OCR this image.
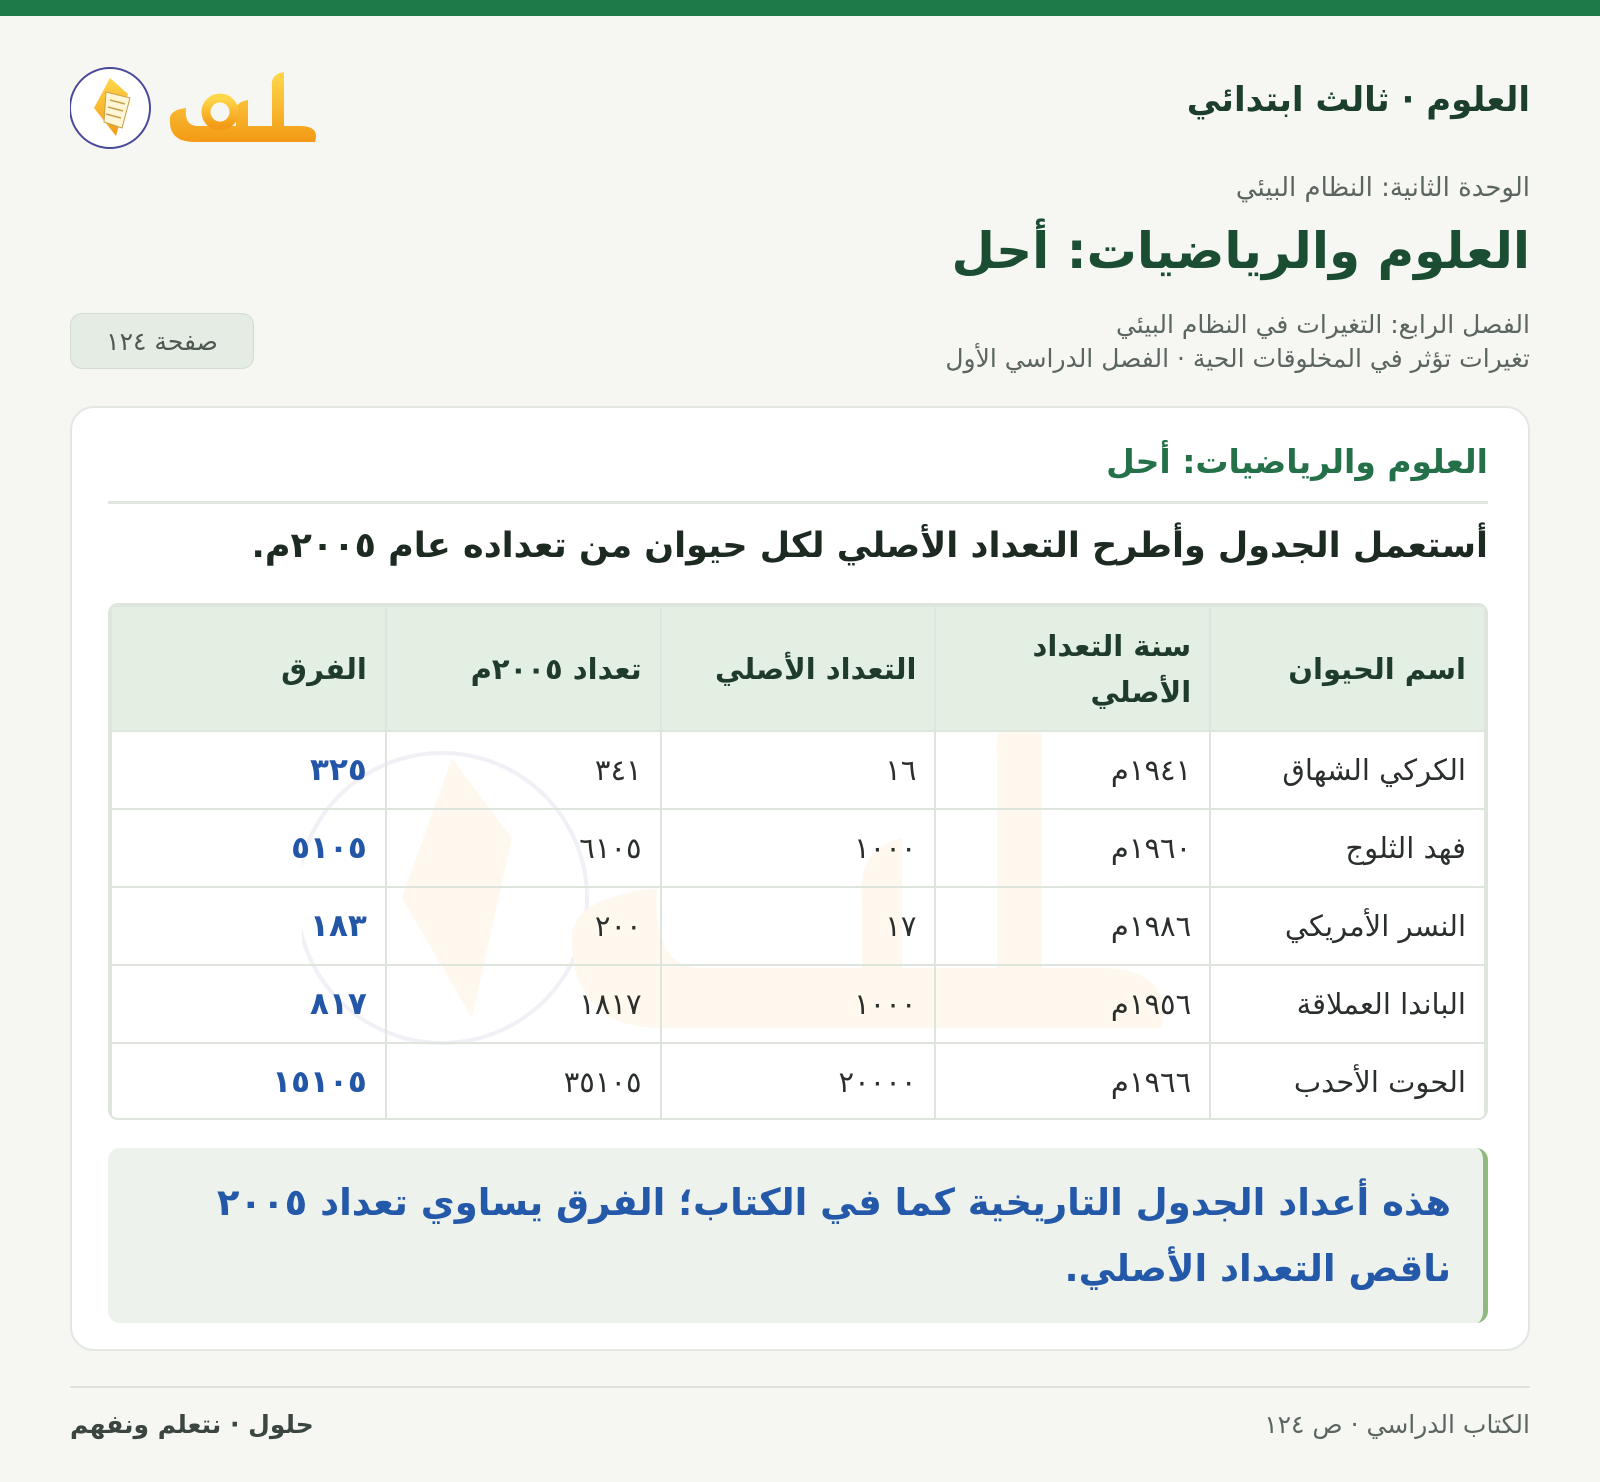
العلوم · ثالث ابتدائي
الوحدة الثانية: النظام البيئي
العلوم والرياضيات: أحل
الفصل الرابع: التغيرات في النظام البيئي
تغيرات تؤثر في المخلوقات الحية · الفصل الدراسي الأول
صفحة ١٢٤
العلوم والرياضيات: أحل
أستعمل الجدول وأطرح التعداد الأصلي لكل حيوان من تعداده عام ٢٠٠٥م.
اسم الحيوان	سنة التعداد الأصلي	التعداد الأصلي	تعداد ٢٠٠٥م	الفرق
الكركي الشهاق	١٩٤١م	١٦	٣٤١	٣٢٥
فهد الثلوج	١٩٦٠م	١٠٠٠	٦١٠٥	٥١٠٥
النسر الأمريكي	١٩٨٦م	١٧	٢٠٠	١٨٣
الباندا العملاقة	١٩٥٦م	١٠٠٠	١٨١٧	٨١٧
الحوت الأحدب	١٩٦٦م	٢٠٠٠٠	٣٥١٠٥	١٥١٠٥
هذه أعداد الجدول التاريخية كما في الكتاب؛ الفرق يساوي تعداد ٢٠٠٥ ناقص التعداد الأصلي.
الكتاب الدراسي · ص ١٢٤
حلول · نتعلم ونفهم
